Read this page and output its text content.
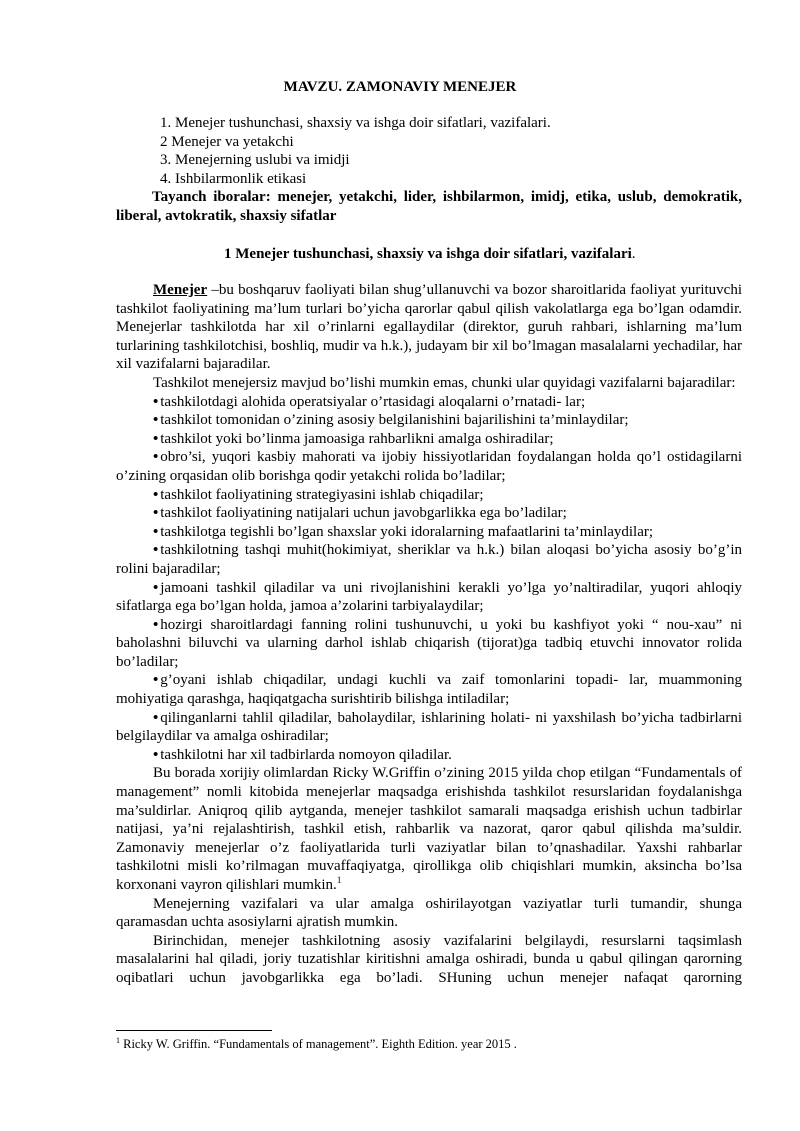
MAVZU. ZAMONAVIY MENEJER
1. Menejer tushunchasi, shaxsiy va ishga doir sifatlari, vazifalari.
2 Menejer va yetakchi
3. Menejerning uslubi va imidji
4. Ishbilarmonlik etikasi
Tayanch iboralar: menejer, yetakchi, lider, ishbilarmon, imidj, etika, uslub, demokratik, liberal, avtokratik, shaxsiy sifatlar
1 Menejer tushunchasi, shaxsiy va ishga doir sifatlari, vazifalari.

Menejer –bu boshqaruv faoliyati bilan shug’ullanuvchi va bozor sharoitlarida faoliyat yurituvchi tashkilot faoliyatining ma’lum turlari bo’yicha qarorlar qabul qilish vakolatlarga ega bo’lgan odamdir. Menejerlar tashkilotda har xil o’rinlarni egallaydilar (direktor, guruh rahbari, ishlarning ma’lum turlarining tashkilotchisi, boshliq, mudir va h.k.), judayam bir xil bo’lmagan masalalarni yechadilar, har xil vazifalarni bajaradilar.

Tashkilot menejersiz mavjud bo’lishi mumkin emas, chunki ular quyidagi vazifalarni bajaradilar:

• tashkilotdagi alohida operatsiyalar o’rtasidagi aloqalarni o’rnatadi- lar;

• tashkilot tomonidan o’zining asosiy belgilanishini bajarilishini ta’minlaydilar;

• tashkilot yoki bo’linma jamoasiga rahbarlikni amalga oshiradilar;

• obro’si, yuqori kasbiy mahorati va ijobiy hissiyotlaridan foydalangan holda qo’l ostidagilarni o’zining orqasidan olib borishga qodir yetakchi rolida bo’ladilar;

• tashkilot faoliyatining strategiyasini ishlab chiqadilar;

• tashkilot faoliyatining natijalari uchun javobgarlikka ega bo’ladilar;

• tashkilotga tegishli bo’lgan shaxslar yoki idoralarning mafaatlarini ta’minlaydilar;

• tashkilotning tashqi muhit(hokimiyat, sheriklar va h.k.) bilan aloqasi bo’yicha asosiy bo’g’in rolini bajaradilar;

• jamoani tashkil qiladilar va uni rivojlanishini kerakli yo’lga yo’naltiradilar, yuqori ahloqiy sifatlarga ega bo’lgan holda, jamoa a’zolarini tarbiyalaydilar;

• hozirgi sharoitlardagi fanning rolini tushunuvchi, u yoki bu kashfiyot yoki “ nou-xau” ni baholashni biluvchi va ularning darhol ishlab chiqarish (tijorat)ga tadbiq etuvchi innovator rolida bo’ladilar;

• g’oyani ishlab chiqadilar, undagi kuchli va zaif tomonlarini topadi- lar, muammoning mohiyatiga qarashga, haqiqatgacha surishtirib bilishga intiladilar;

• qilinganlarni tahlil qiladilar, baholaydilar, ishlarining holati- ni yaxshilash bo’yicha tadbirlarni belgilaydilar va amalga oshiradilar;

• tashkilotni har xil tadbirlarda nomoyon qiladilar.

Bu borada xorijiy olimlardan Ricky W.Griffin o’zining 2015 yilda chop etilgan “Fundamentals of management” nomli kitobida menejerlar maqsadga erishishda tashkilot resurslaridan foydalanishga ma’suldirlar. Aniqroq qilib aytganda, menejer tashkilot samarali maqsadga erishish uchun tadbirlar natijasi, ya’ni rejalashtirish, tashkil etish, rahbarlik va nazorat, qaror qabul qilishda ma’suldir. Zamonaviy menejerlar o’z faoliyatlarida turli vaziyatlar bilan to’qnashadilar. Yaxshi rahbarlar tashkilotni misli ko’rilmagan muvaffaqiyatga, qirollikga olib chiqishlari mumkin, aksincha bo’lsa korxonani vayron qilishlari mumkin.$^1$

Menejerning vazifalari va ular amalga oshirilayotgan vaziyatlar turli tumandir, shunga qaramasdan uchta asosiylarni ajratish mumkin.

Birinchidan, menejer tashkilotning asosiy vazifalarini belgilaydi, resurslarni taqsimlash masalalarini hal qiladi, joriy tuzatishlar kiritishni amalga oshiradi, bunda u qabul qilingan qarorning oqibatlari uchun javobgarlikka ega bo’ladi. SHuning uchun menejer nafaqat qarorning

$^1$ Ricky W. Griffin. “Fundamentals of management”. Eighth Edition. year 2015 .
